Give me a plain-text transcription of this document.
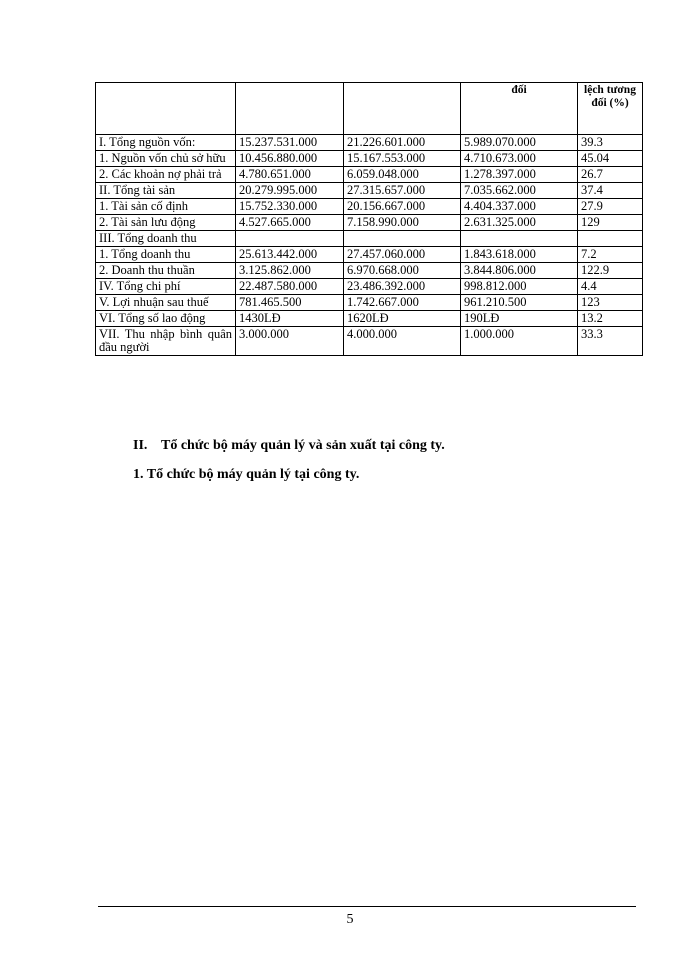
			đối	lệch tương đối (%)
I. Tổng nguồn vốn:	15.237.531.000	21.226.601.000	5.989.070.000	39.3
1. Nguồn vốn chủ sở hữu	10.456.880.000	15.167.553.000	4.710.673.000	45.04
2. Các khoản nợ phải trả	4.780.651.000	6.059.048.000	1.278.397.000	26.7
II. Tổng tài sản	20.279.995.000	27.315.657.000	7.035.662.000	37.4
1. Tài sản cố định	15.752.330.000	20.156.667.000	4.404.337.000	27.9
2. Tài sản lưu động	4.527.665.000	7.158.990.000	2.631.325.000	129
III. Tổng doanh thu				
1. Tổng doanh thu	25.613.442.000	27.457.060.000	1.843.618.000	7.2
2. Doanh thu thuần	3.125.862.000	6.970.668.000	3.844.806.000	122.9
IV. Tổng chi phí	22.487.580.000	23.486.392.000	998.812.000	4.4
V. Lợi nhuận sau thuế	781.465.500	1.742.667.000	961.210.500	123
VI. Tổng số lao động	1430LĐ	1620LĐ	190LĐ	13.2
VII. Thu nhập bình quân đầu người	3.000.000	4.000.000	1.000.000	33.3
II. Tổ chức bộ máy quản lý và sản xuất tại công ty.
1. Tổ chức bộ máy quản lý tại công ty.
5
